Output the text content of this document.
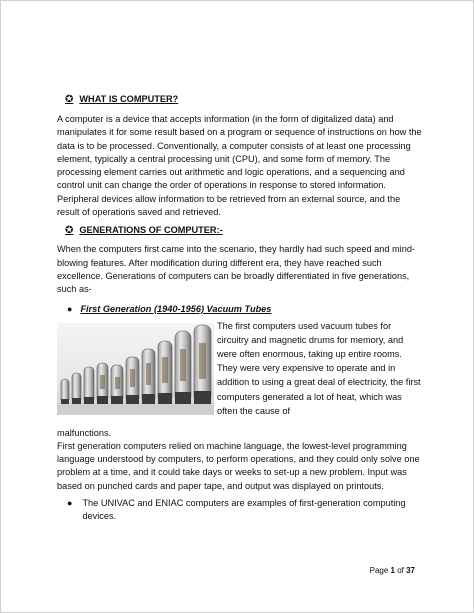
✪ WHAT IS COMPUTER?

A computer is a device that accepts information (in the form of digitalized data) and manipulates it for some result based on a program or sequence of instructions on how the data is to be processed. Conventionally, a computer consists of at least one processing element, typically a central processing unit (CPU), and some form of memory. The processing element carries out arithmetic and logic operations, and a sequencing and control unit can change the order of operations in response to stored information. Peripheral devices allow information to be retrieved from an external source, and the result of operations saved and retrieved.

✪ GENERATIONS OF COMPUTER:-

When the computers first came into the scenario, they hardly had such speed and mind-blowing features. After modification during different era, they have reached such excellence. Generations of computers can be broadly differentiated in five generations, such as-

● First Generation (1940-1956) Vacuum Tubes
The first computers used vacuum tubes for circuitry and magnetic drums for memory, and were often enormous, taking up entire rooms. They were very expensive to operate and in addition to using a great deal of electricity, the first computers generated a lot of heat, which was often the cause of
malfunctions.

First generation computers relied on machine language, the lowest-level programming language understood by computers, to perform operations, and they could only solve one problem at a time, and it could take days or weeks to set-up a new problem. Input was based on punched cards and paper tape, and output was displayed on printouts.

● The UNIVAC and ENIAC computers are examples of first-generation computing devices.
Page 1 of 37
